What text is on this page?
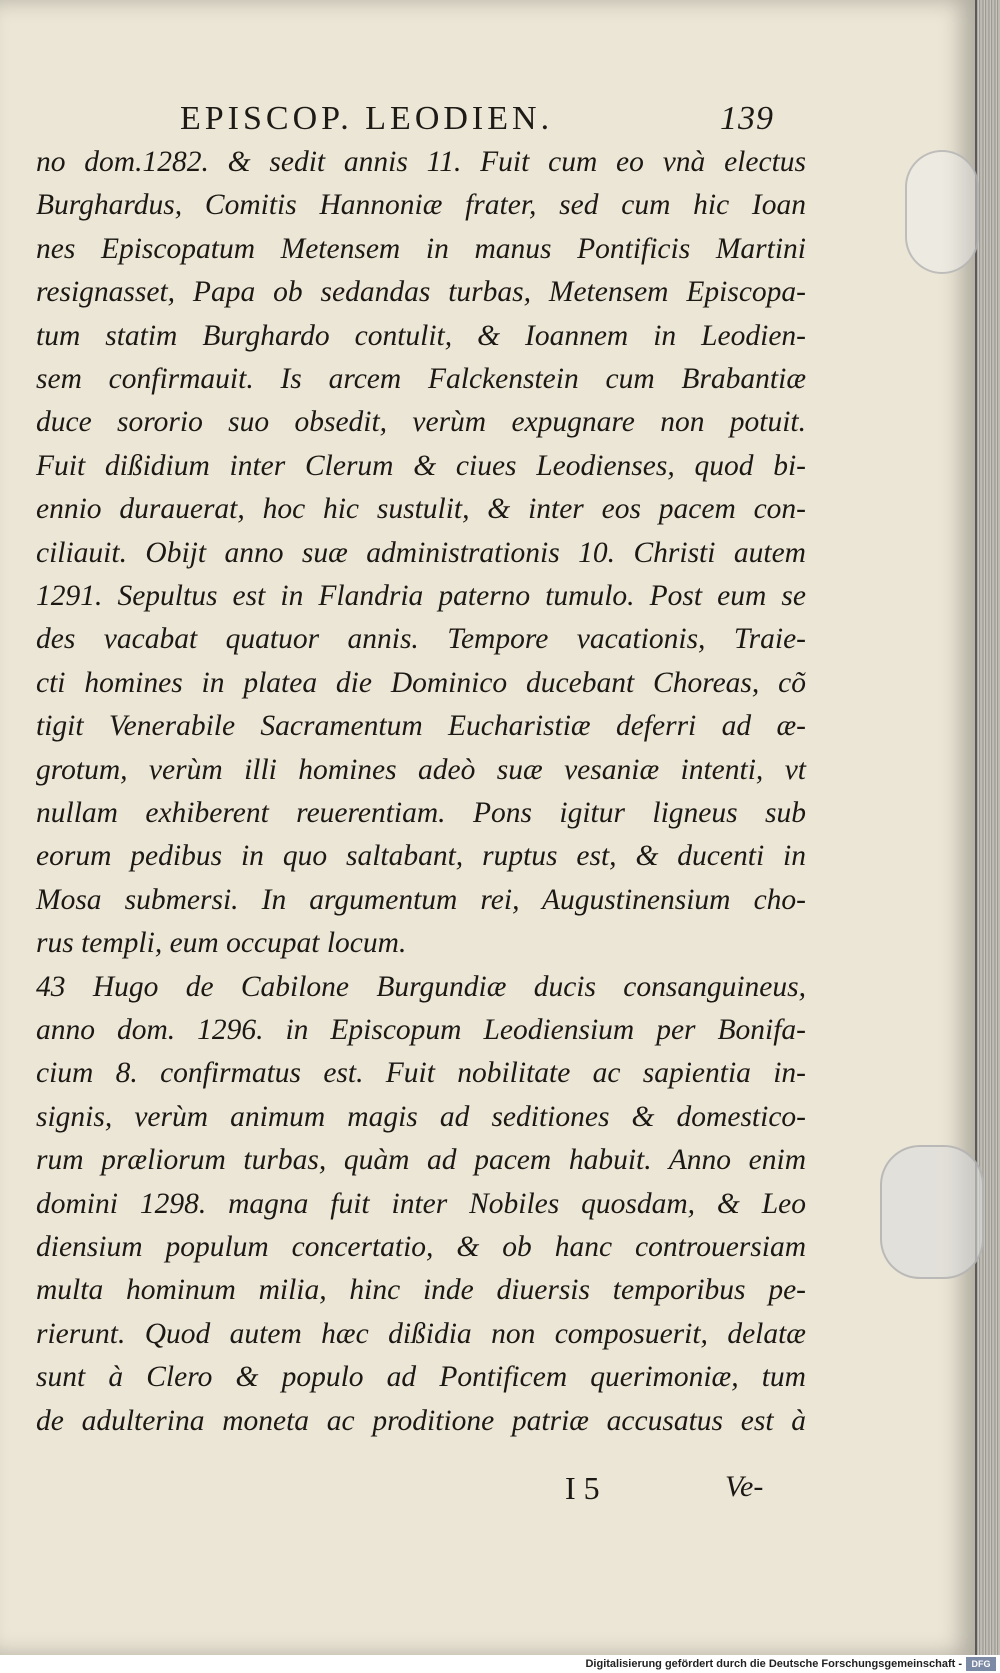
EPISCOP. LEODIEN.	139
no dom.1282. & sedit annis 11. Fuit cum eo vnà electus
Burghardus, Comitis Hannoniæ frater, sed cum hic Ioan
nes Episcopatum Metensem in manus Pontificis Martini
resignasset, Papa ob sedandas turbas, Metensem Episcopa-
tum statim Burghardo contulit, & Ioannem in Leodien-
sem confirmauit. Is arcem Falckenstein cum Brabantiæ
duce sororio suo obsedit, verùm expugnare non potuit.
Fuit dißidium inter Clerum & ciues Leodienses, quod bi-
ennio durauerat, hoc hic sustulit, & inter eos pacem con-
ciliauit. Obijt anno suæ administrationis 10. Christi autem
1291. Sepultus est in Flandria paterno tumulo. Post eum se
des vacabat quatuor annis. Tempore vacationis, Traie-
cti homines in platea die Dominico ducebant Choreas, cõ
tigit Venerabile Sacramentum Eucharistiæ deferri ad æ-
grotum, verùm illi homines adeò suæ vesaniæ intenti, vt
nullam exhiberent reuerentiam. Pons igitur ligneus sub
eorum pedibus in quo saltabant, ruptus est, & ducenti in
Mosa submersi. In argumentum rei, Augustinensium cho-
rus templi, eum occupat locum.
43 Hugo de Cabilone Burgundiæ ducis consanguineus,
anno dom. 1296. in Episcopum Leodiensium per Bonifa-
cium 8. confirmatus est. Fuit nobilitate ac sapientia in-
signis, verùm animum magis ad seditiones & domestico-
rum præliorum turbas, quàm ad pacem habuit. Anno enim
domini 1298. magna fuit inter Nobiles quosdam, & Leo
diensium populum concertatio, & ob hanc controuersiam
multa hominum milia, hinc inde diuersis temporibus pe-
rierunt. Quod autem hæc dißidia non composuerit, delatæ
sunt à Clero & populo ad Pontificem querimoniæ, tum
de adulterina moneta ac proditione patriæ accusatus est à
I 5	Ve-
Digitalisierung gefördert durch die Deutsche Forschungsgemeinschaft -	DFG
